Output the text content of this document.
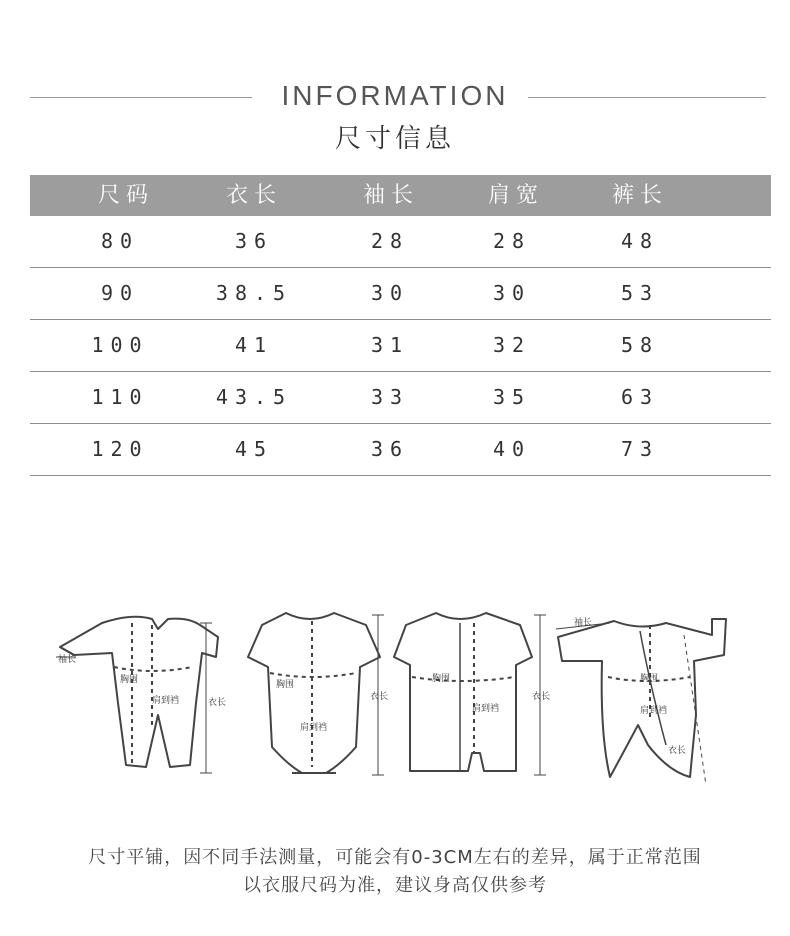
INFORMATION
尺寸信息
尺码	衣长	袖长	肩宽	裤长
80	36	28	28	48
90	38.5	30	30	53
100	41	31	32	58
110	43.5	33	35	63
120	45	36	40	73
袖长
胸围
肩到裆	衣长
胸围
肩到裆
衣长
胸围
肩到裆
衣长
袖长
胸围
肩到裆
衣长
尺寸平铺，因不同手法测量，可能会有0-3CM左右的差异，属于正常范围
以衣服尺码为准，建议身高仅供参考
